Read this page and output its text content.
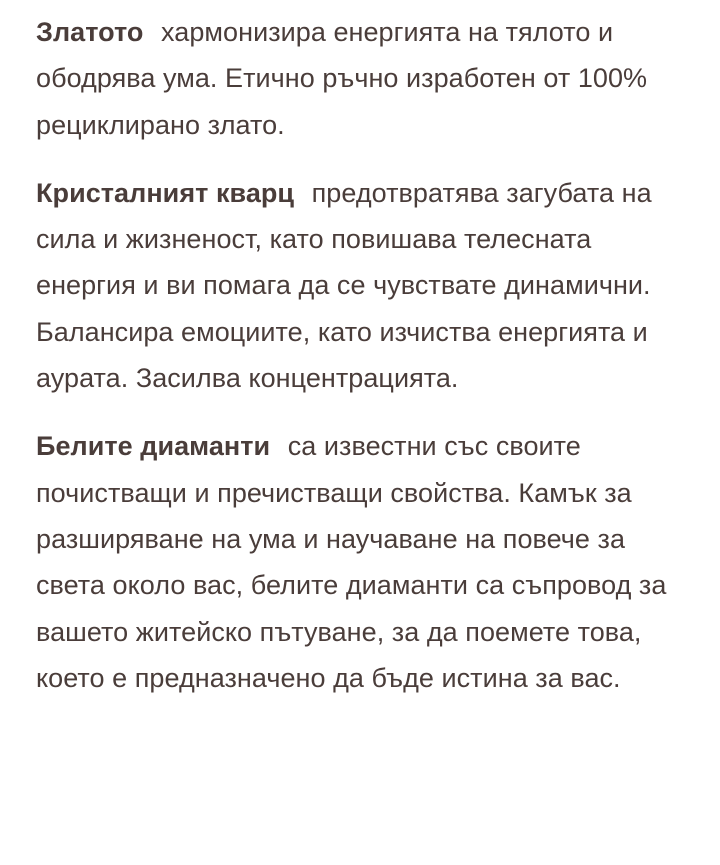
Златото хармонизира енергията на тялото и ободрява ума. Етично ръчно изработен от 100% рециклирано злато.

Кристалният кварц предотвратява загубата на сила и жизненост, като повишава телесната енергия и ви помага да се чувствате динамични. Балансира емоциите, като изчиства енергията и аурата. Засилва концентрацията.

Белите диаманти са известни със своите почистващи и пречистващи свойства. Камък за разширяване на ума и научаване на повече за света около вас, белите диаманти са съпровод за вашето житейско пътуване, за да поемете това, което е предназначено да бъде истина за вас.
